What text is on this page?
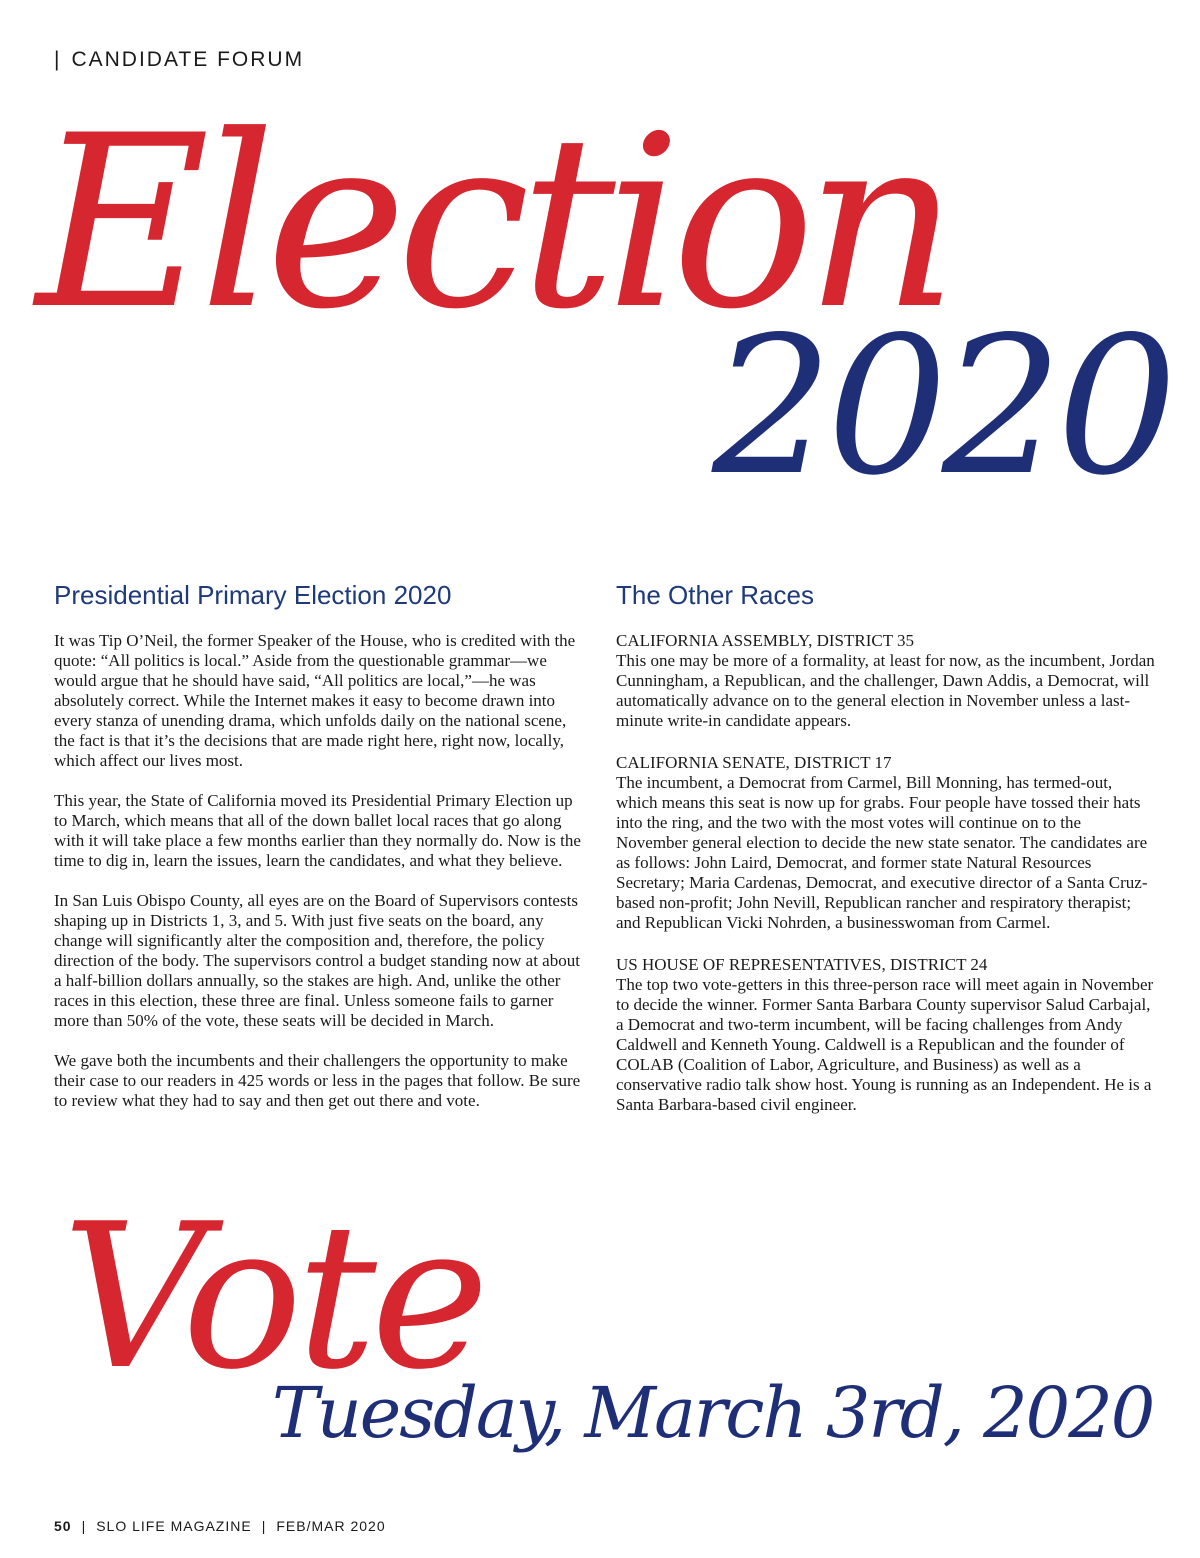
| CANDIDATE FORUM
Election
2020
Presidential Primary Election 2020

It was Tip O’Neil, the former Speaker of the House, who is credited with the quote: “All politics is local.” Aside from the questionable grammar—we would argue that he should have said, “All politics are local,”—he was absolutely correct. While the Internet makes it easy to become drawn into every stanza of unending drama, which unfolds daily on the national scene, the fact is that it’s the decisions that are made right here, right now, locally, which affect our lives most.

This year, the State of California moved its Presidential Primary Election up to March, which means that all of the down ballet local races that go along with it will take place a few months earlier than they normally do. Now is the time to dig in, learn the issues, learn the candidates, and what they believe.

In San Luis Obispo County, all eyes are on the Board of Supervisors contests shaping up in Districts 1, 3, and 5. With just five seats on the board, any change will significantly alter the composition and, therefore, the policy direction of the body. The supervisors control a budget standing now at about a half-billion dollars annually, so the stakes are high. And, unlike the other races in this election, these three are final. Unless someone fails to garner more than 50% of the vote, these seats will be decided in March.

We gave both the incumbents and their challengers the opportunity to make their case to our readers in 425 words or less in the pages that follow. Be sure to review what they had to say and then get out there and vote.

The Other Races
CALIFORNIA ASSEMBLY, DISTRICT 35

This one may be more of a formality, at least for now, as the incumbent, Jordan Cunningham, a Republican, and the challenger, Dawn Addis, a Democrat, will automatically advance on to the general election in November unless a last-minute write-in candidate appears.

CALIFORNIA SENATE, DISTRICT 17

The incumbent, a Democrat from Carmel, Bill Monning, has termed-out, which means this seat is now up for grabs. Four people have tossed their hats into the ring, and the two with the most votes will continue on to the November general election to decide the new state senator. The candidates are as follows: John Laird, Democrat, and former state Natural Resources Secretary; Maria Cardenas, Democrat, and executive director of a Santa Cruz-based non-profit; John Nevill, Republican rancher and respiratory therapist; and Republican Vicki Nohrden, a businesswoman from Carmel.

US HOUSE OF REPRESENTATIVES, DISTRICT 24

The top two vote-getters in this three-person race will meet again in November to decide the winner. Former Santa Barbara County supervisor Salud Carbajal, a Democrat and two-term incumbent, will be facing challenges from Andy Caldwell and Kenneth Young. Caldwell is a Republican and the founder of COLAB (Coalition of Labor, Agriculture, and Business) as well as a conservative radio talk show host. Young is running as an Independent. He is a Santa Barbara-based civil engineer.

Vote
Tuesday, March 3rd, 2020
50 | SLO LIFE MAGAZINE | FEB/MAR 2020
